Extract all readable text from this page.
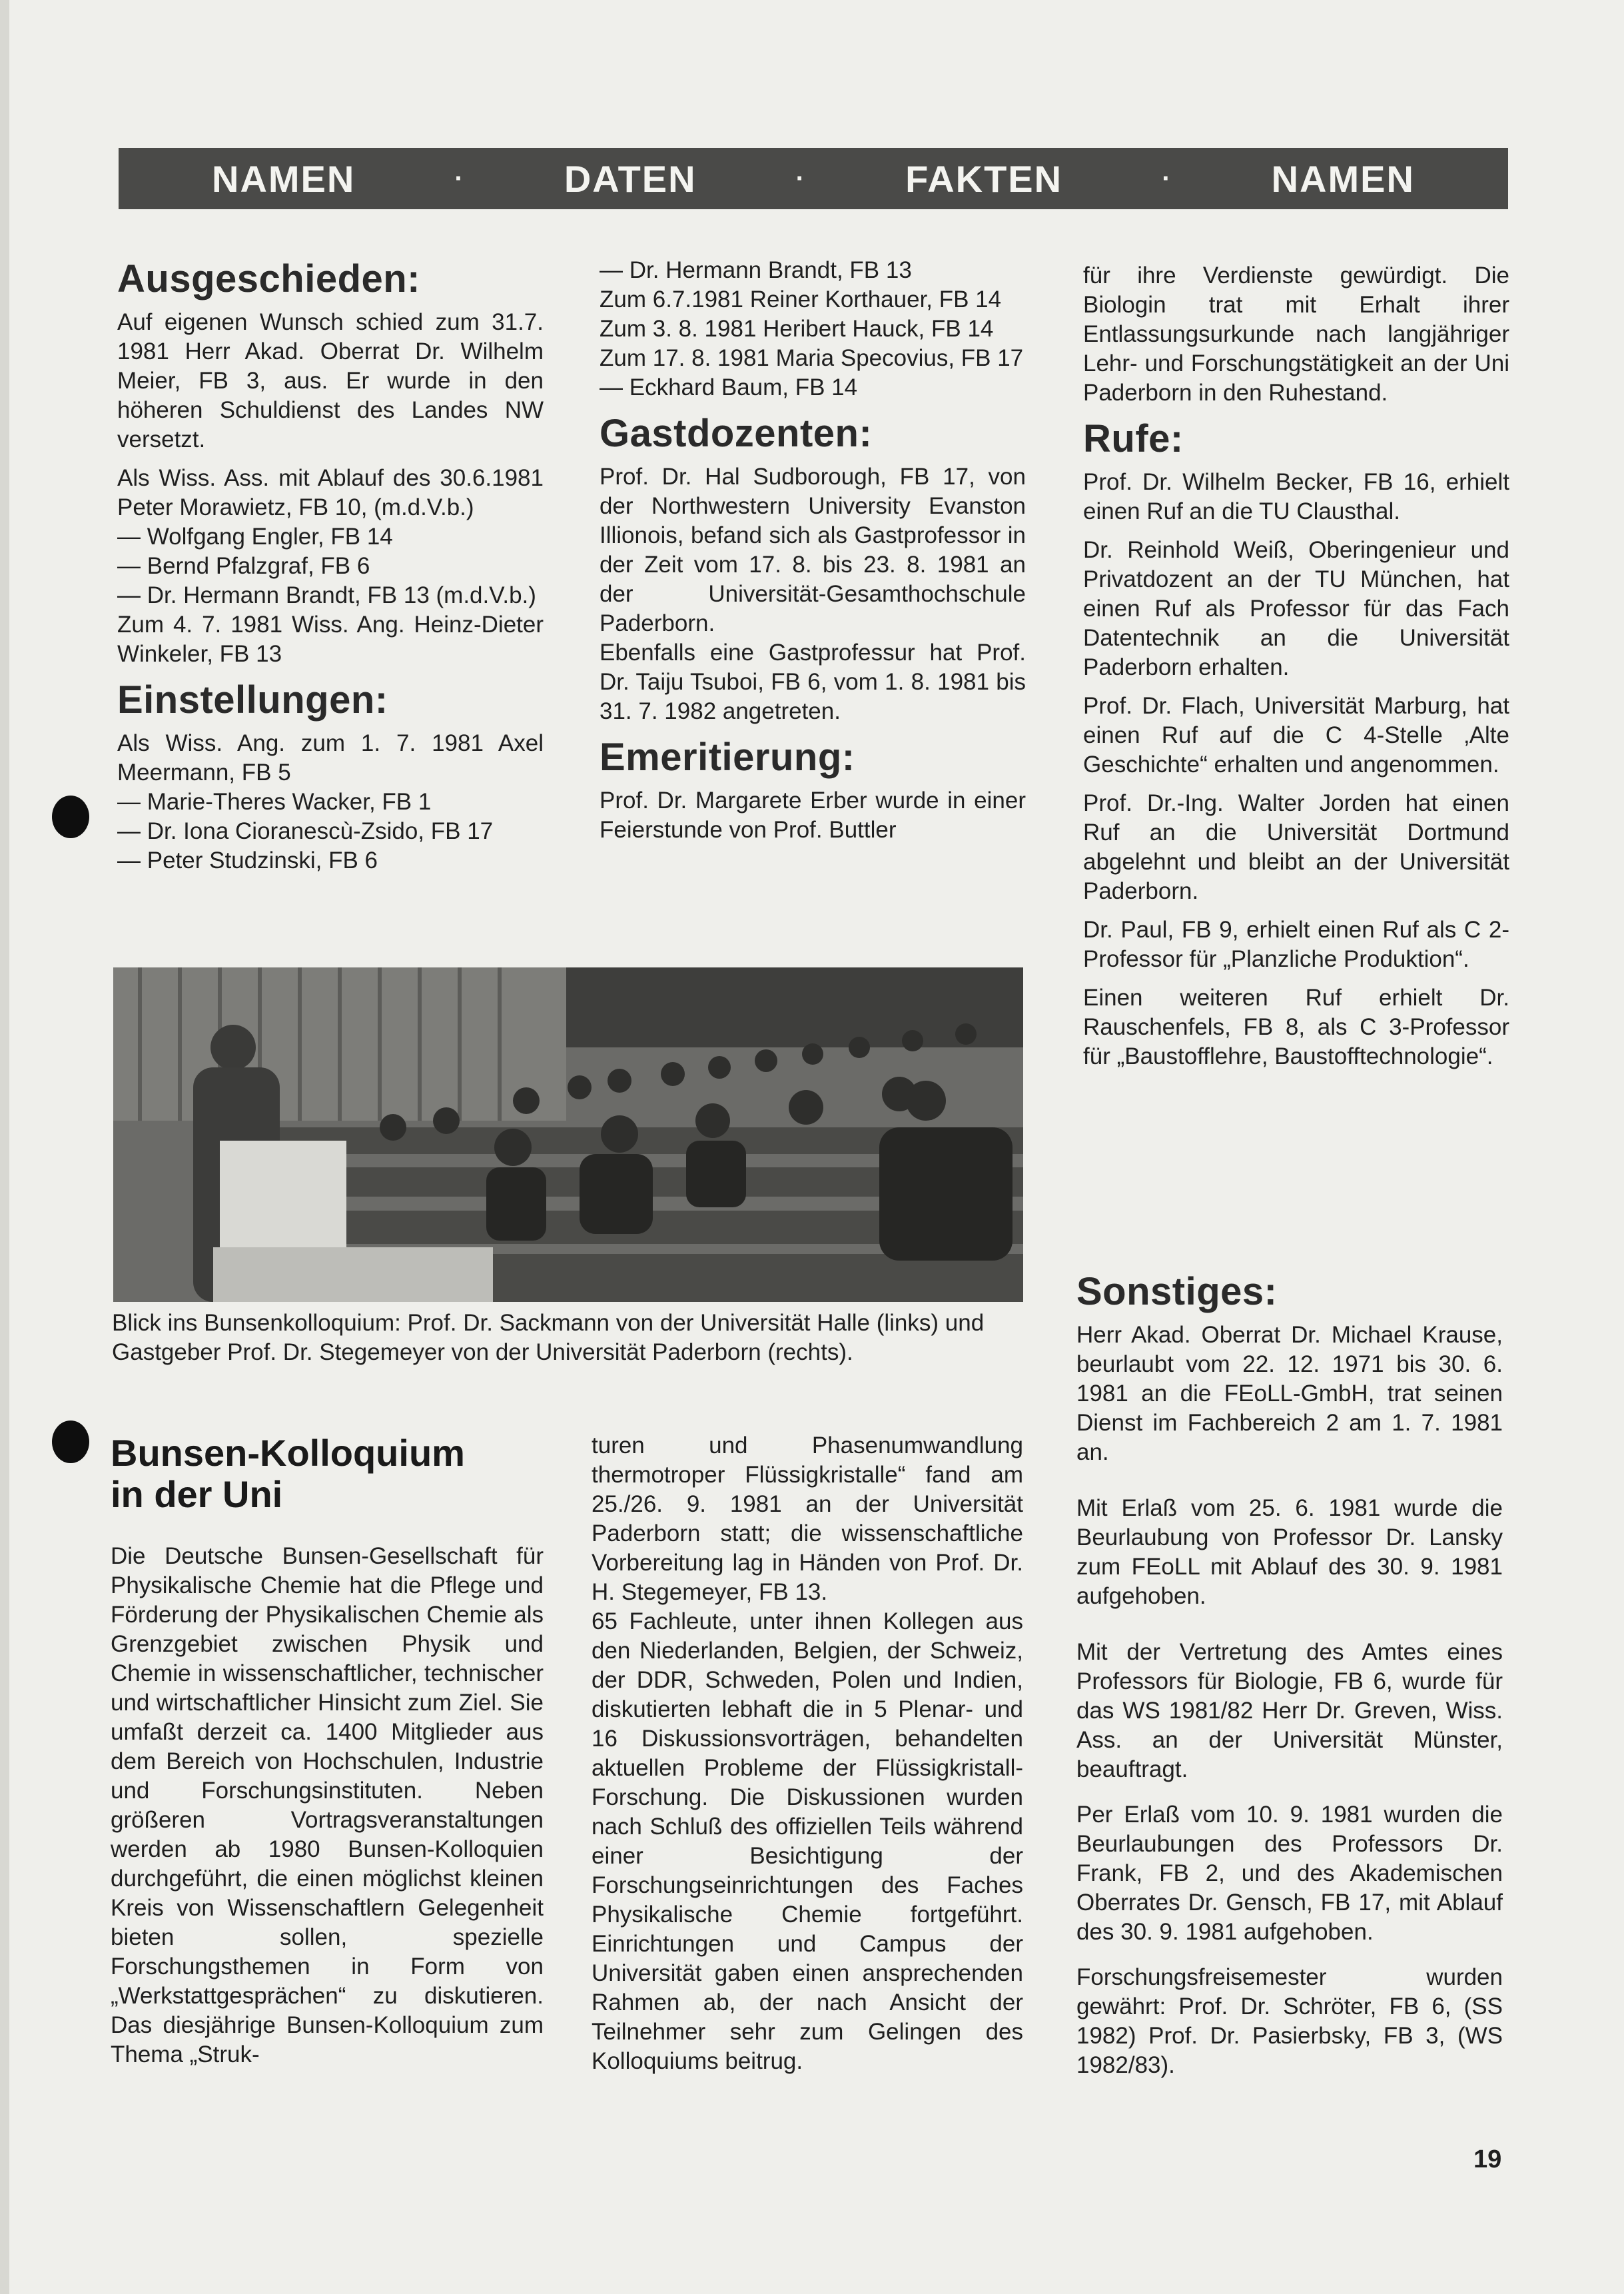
NAMEN	·	DATEN	·	FAKTEN	·	NAMEN
Ausgeschieden:

Auf eigenen Wunsch schied zum 31.7. 1981 Herr Akad. Oberrat Dr. Wilhelm Meier, FB 3, aus. Er wurde in den höheren Schuldienst des Landes NW versetzt.

Als Wiss. Ass. mit Ablauf des 30.6.1981 Peter Morawietz, FB 10, (m.d.V.b.)
— Wolfgang Engler, FB 14
— Bernd Pfalzgraf, FB 6
— Dr. Hermann Brandt, FB 13 (m.d.V.b.)
Zum 4. 7. 1981 Wiss. Ang. Heinz-Dieter Winkeler, FB 13

Einstellungen:

Als Wiss. Ang. zum 1. 7. 1981 Axel Meermann, FB 5
— Marie-Theres Wacker, FB 1
— Dr. Iona Cioranescù-Zsido, FB 17
— Peter Studzinski, FB 6

— Dr. Hermann Brandt, FB 13
Zum 6.7.1981 Reiner Korthauer, FB 14
Zum 3. 8. 1981 Heribert Hauck, FB 14
Zum 17. 8. 1981 Maria Specovius, FB 17
— Eckhard Baum, FB 14

Gastdozenten:

Prof. Dr. Hal Sudborough, FB 17, von der Northwestern University Evanston Illionois, befand sich als Gastprofessor in der Zeit vom 17. 8. bis 23. 8. 1981 an der Universität-Gesamthochschule Paderborn.

Ebenfalls eine Gastprofessur hat Prof. Dr. Taiju Tsuboi, FB 6, vom 1. 8. 1981 bis 31. 7. 1982 angetreten.

Emeritierung:

Prof. Dr. Margarete Erber wurde in einer Feierstunde von Prof. Buttler

für ihre Verdienste gewürdigt. Die Biologin trat mit Erhalt ihrer Entlassungsurkunde nach langjähriger Lehr- und Forschungstätigkeit an der Uni Paderborn in den Ruhestand.

Rufe:

Prof. Dr. Wilhelm Becker, FB 16, erhielt einen Ruf an die TU Clausthal.

Dr. Reinhold Weiß, Oberingenieur und Privatdozent an der TU München, hat einen Ruf als Professor für das Fach Datentechnik an die Universität Paderborn erhalten.

Prof. Dr. Flach, Universität Marburg, hat einen Ruf auf die C 4-Stelle ‚Alte Geschichte“ erhalten und angenommen.

Prof. Dr.-Ing. Walter Jorden hat einen Ruf an die Universität Dortmund abgelehnt und bleibt an der Universität Paderborn.

Dr. Paul, FB 9, erhielt einen Ruf als C 2-Professor für „Planzliche Produktion“.

Einen weiteren Ruf erhielt Dr. Rauschenfels, FB 8, als C 3-Professor für „Baustofflehre, Baustofftechnologie“.

Sonstiges:

Herr Akad. Oberrat Dr. Michael Krause, beurlaubt vom 22. 12. 1971 bis 30. 6. 1981 an die FEoLL-GmbH, trat seinen Dienst im Fachbereich 2 am 1. 7. 1981 an.

Mit Erlaß vom 25. 6. 1981 wurde die Beurlaubung von Professor Dr. Lansky zum FEoLL mit Ablauf des 30. 9. 1981 aufgehoben.

Mit der Vertretung des Amtes eines Professors für Biologie, FB 6, wurde für das WS 1981/82 Herr Dr. Greven, Wiss. Ass. an der Universität Münster, beauftragt.

Per Erlaß vom 10. 9. 1981 wurden die Beurlaubungen des Professors Dr. Frank, FB 2, und des Akademischen Oberrates Dr. Gensch, FB 17, mit Ablauf des 30. 9. 1981 aufgehoben.

Forschungsfreisemester wurden gewährt: Prof. Dr. Schröter, FB 6, (SS 1982) Prof. Dr. Pasierbsky, FB 3, (WS 1982/83).

Blick ins Bunsenkolloquium: Prof. Dr. Sackmann von der Universität Halle (links) und Gastgeber Prof. Dr. Stegemeyer von der Universität Paderborn (rechts).
Bunsen-Kolloquium
in der Uni

Die Deutsche Bunsen-Gesellschaft für Physikalische Chemie hat die Pflege und Förderung der Physikalischen Chemie als Grenzgebiet zwischen Physik und Chemie in wissenschaftlicher, technischer und wirtschaftlicher Hinsicht zum Ziel. Sie umfaßt derzeit ca. 1400 Mitglieder aus dem Bereich von Hochschulen, Industrie und Forschungsinstituten. Neben größeren Vortragsveranstaltungen werden ab 1980 Bunsen-Kolloquien durchgeführt, die einen möglichst kleinen Kreis von Wissenschaftlern Gelegenheit bieten sollen, spezielle Forschungsthemen in Form von „Werkstattgesprächen“ zu diskutieren. Das diesjährige Bunsen-Kolloquium zum Thema „Struk-

turen und Phasenumwandlung thermotroper Flüssigkristalle“ fand am 25./26. 9. 1981 an der Universität Paderborn statt; die wissenschaftliche Vorbereitung lag in Händen von Prof. Dr. H. Stegemeyer, FB 13.
65 Fachleute, unter ihnen Kollegen aus den Niederlanden, Belgien, der Schweiz, der DDR, Schweden, Polen und Indien, diskutierten lebhaft die in 5 Plenar- und 16 Diskussionsvorträgen, behandelten aktuellen Probleme der Flüssigkristall-Forschung. Die Diskussionen wurden nach Schluß des offiziellen Teils während einer Besichtigung der Forschungseinrichtungen des Faches Physikalische Chemie fortgeführt. Einrichtungen und Campus der Universität gaben einen ansprechenden Rahmen ab, der nach Ansicht der Teilnehmer sehr zum Gelingen des Kolloquiums beitrug.

19
